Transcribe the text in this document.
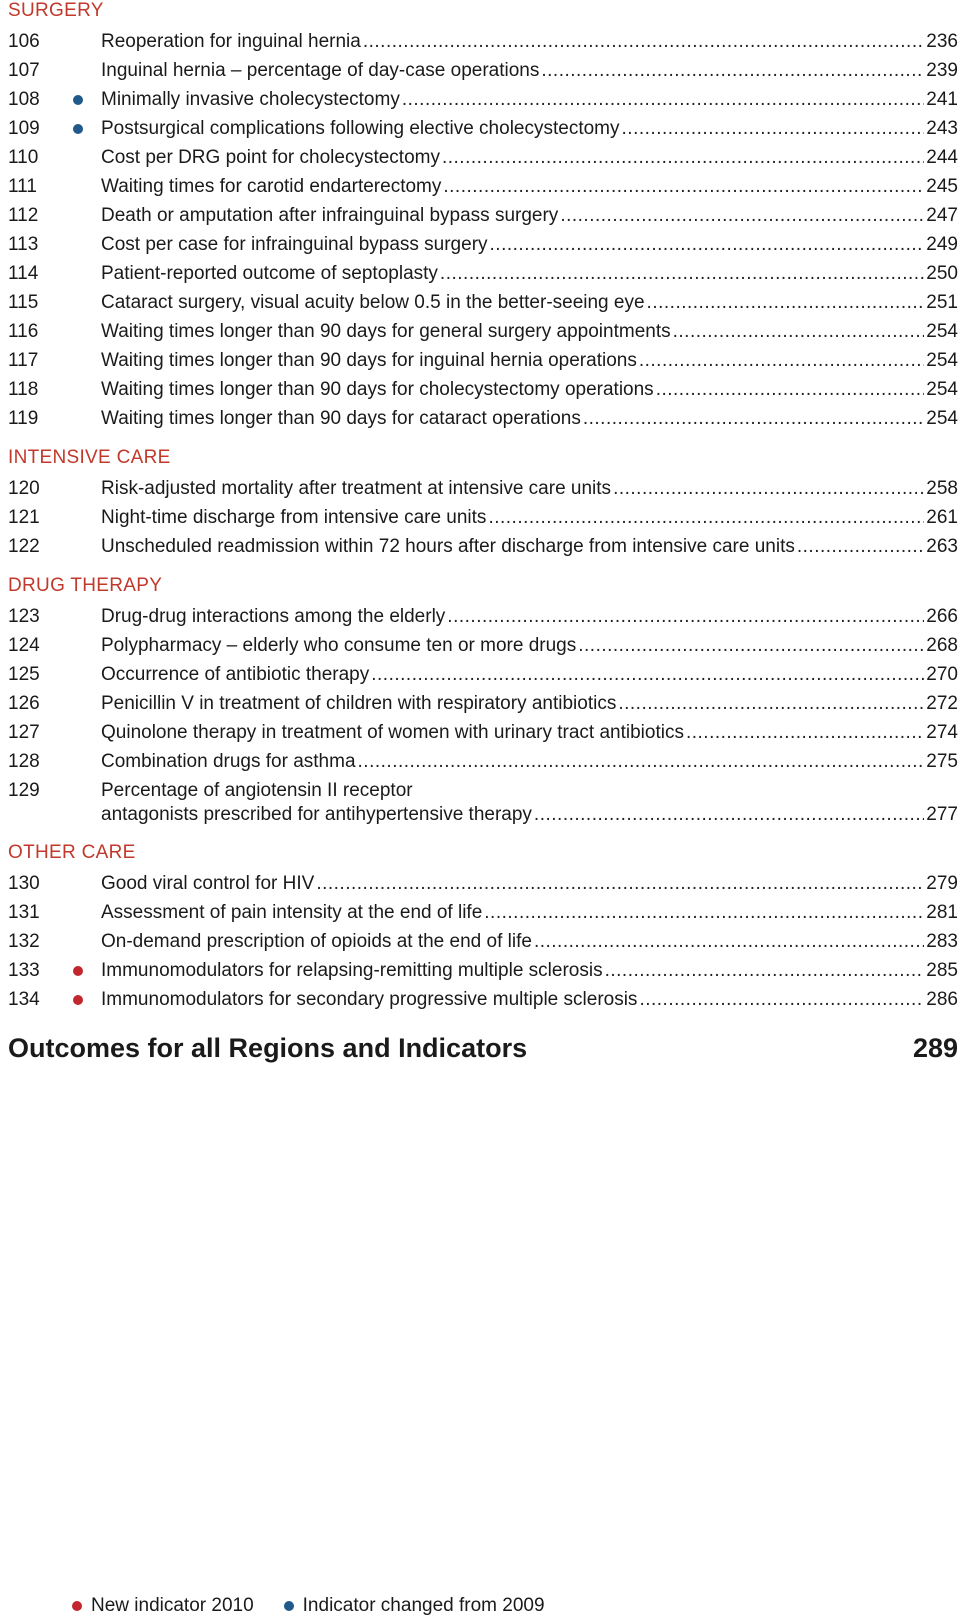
SURGERY
106	Reoperation for inguinal hernia .....	236
107	Inguinal hernia – percentage of day-case operations .....	239
108	Minimally invasive cholecystectomy .....	241
109	Postsurgical complications following elective cholecystectomy .....	243
110	Cost per DRG point for cholecystectomy .....	244
111	Waiting times for carotid endarterectomy .....	245
112	Death or amputation after infrainguinal bypass surgery .....	247
113	Cost per case for infrainguinal bypass surgery .....	249
114	Patient-reported outcome of septoplasty .....	250
115	Cataract surgery, visual acuity below 0.5 in the better-seeing eye .....	251
116	Waiting times longer than 90 days for general surgery appointments .....	254
117	Waiting times longer than 90 days for inguinal hernia operations .....	254
118	Waiting times longer than 90 days for cholecystectomy operations .....	254
119	Waiting times longer than 90 days for cataract operations .....	254
INTENSIVE CARE
120	Risk-adjusted mortality after treatment at intensive care units .....	258
121	Night-time discharge from intensive care units .....	261
122	Unscheduled readmission within 72 hours after discharge from intensive care units .....	263
DRUG THERAPY
123	Drug-drug interactions among the elderly .....	266
124	Polypharmacy – elderly who consume ten or more drugs .....	268
125	Occurrence of antibiotic therapy .....	270
126	Penicillin V in treatment of children with respiratory antibiotics .....	272
127	Quinolone therapy in treatment of women with urinary tract antibiotics .....	274
128	Combination drugs for asthma .....	275
129	Percentage of angiotensin II receptor
antagonists prescribed for antihypertensive therapy .....	277
OTHER CARE
130	Good viral control for HIV .....	279
131	Assessment of pain intensity at the end of life .....	281
132	On-demand prescription of opioids at the end of life .....	283
133	Immunomodulators for relapsing-remitting multiple sclerosis .....	285
134	Immunomodulators for secondary progressive multiple sclerosis .....	286
Outcomes for all Regions and Indicators	289
New indicator 2010	Indicator changed from 2009
